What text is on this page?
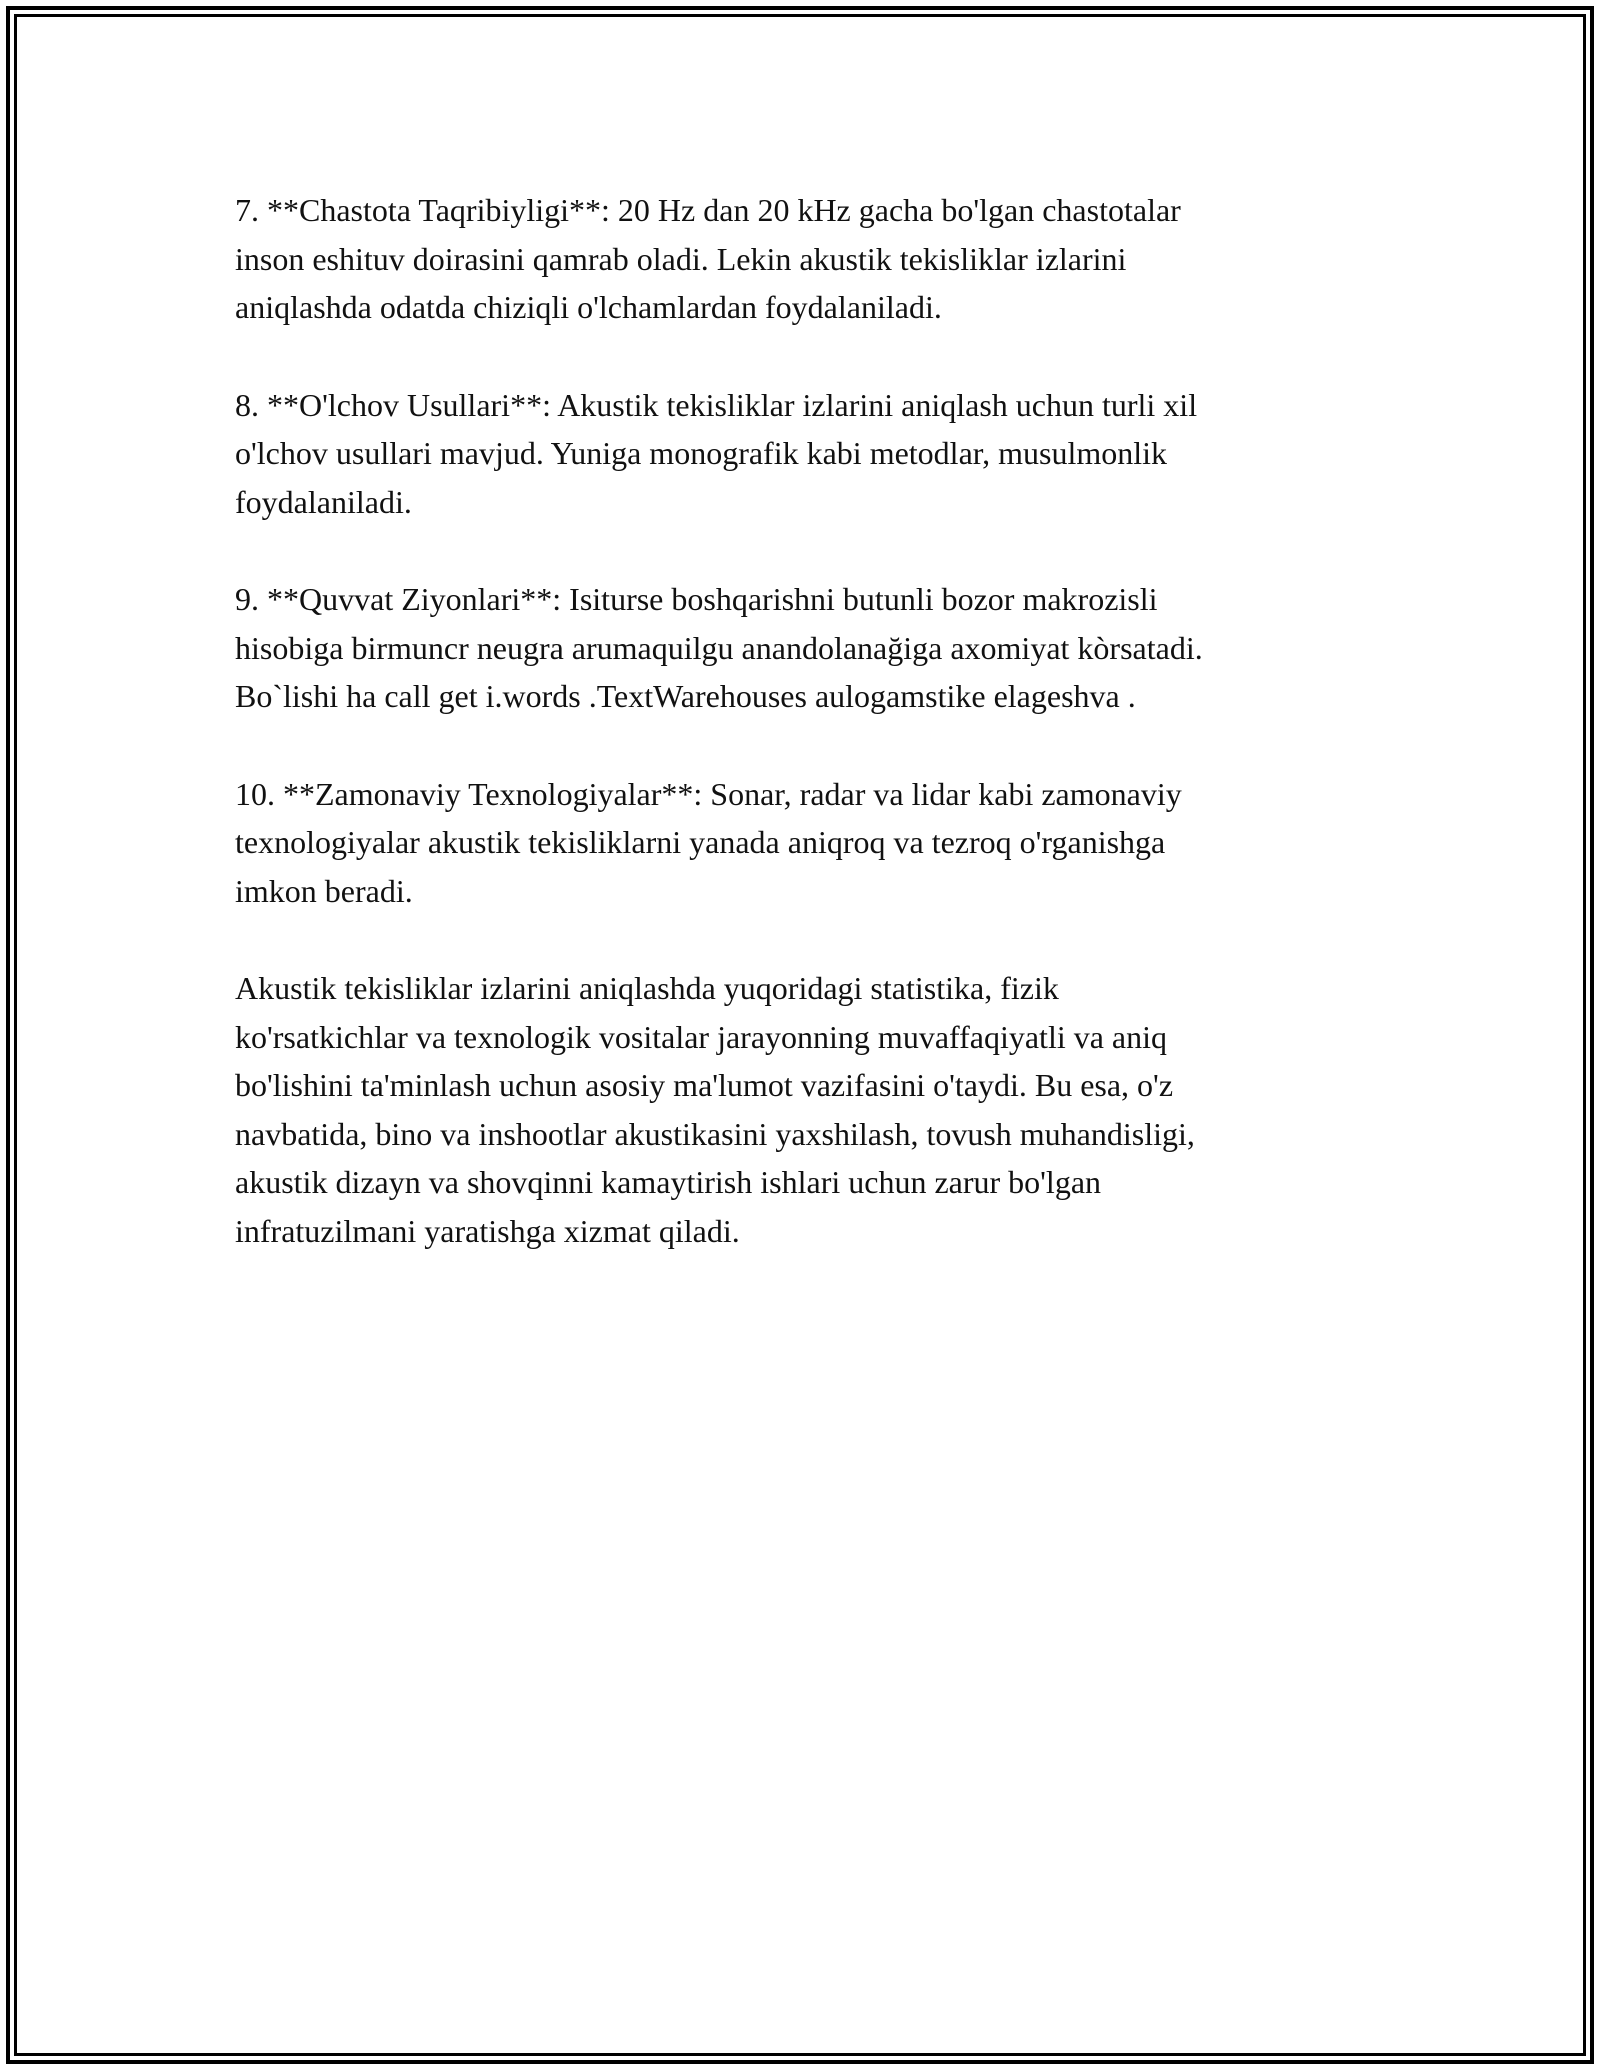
7. **Chastota Taqribiyligi**: 20 Hz dan 20 kHz gacha bo'lgan chastotalar
inson eshituv doirasini qamrab oladi. Lekin akustik tekisliklar izlarini
aniqlashda odatda chiziqli o'lchamlardan foydalaniladi.

8. **O'lchov Usullari**: Akustik tekisliklar izlarini aniqlash uchun turli xil
o'lchov usullari mavjud. Yuniga monografik kabi metodlar, musulmonlik
foydalaniladi.

9. **Quvvat Ziyonlari**: Isiturse boshqarishni butunli bozor makrozisli
hisobiga birmuncr neugra arumaquilgu anandolanağiga axomiyat kòrsatadi.
Bo`lishi ha call get i.words .TextWarehouses aulogamstike elageshva .

10. **Zamonaviy Texnologiyalar**: Sonar, radar va lidar kabi zamonaviy
texnologiyalar akustik tekisliklarni yanada aniqroq va tezroq o'rganishga
imkon beradi.

Akustik tekisliklar izlarini aniqlashda yuqoridagi statistika, fizik
ko'rsatkichlar va texnologik vositalar jarayonning muvaffaqiyatli va aniq
bo'lishini ta'minlash uchun asosiy ma'lumot vazifasini o'taydi. Bu esa, o'z
navbatida, bino va inshootlar akustikasini yaxshilash, tovush muhandisligi,
akustik dizayn va shovqinni kamaytirish ishlari uchun zarur bo'lgan
infratuzilmani yaratishga xizmat qiladi.
